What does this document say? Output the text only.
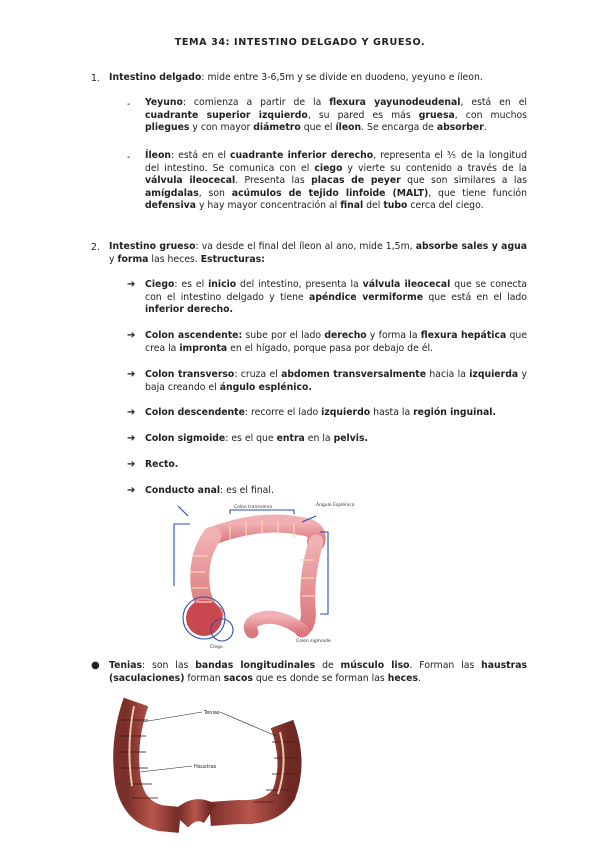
TEMA 34: INTESTINO DELGADO Y GRUESO.
1. Intestino delgado: mide entre 3-6,5m y se divide en duodeno, yeyuno e íleon.
- Yeyuno: comienza a partir de la flexura yayunodeudenal, está en el cuadrante superior izquierdo, su pared es más gruesa, con muchos pliegues y con mayor diámetro que el íleon. Se encarga de absorber.
- Íleon: está en el cuadrante inferior derecho, representa el ⅗ de la longitud del intestino. Se comunica con el ciego y vierte su contenido a través de la válvula ileocecal. Presenta las placas de peyer que son similares a las amígdalas, son acúmulos de tejido linfoide (MALT), que tiene función defensiva y hay mayor concentración al final del tubo cerca del ciego.
2. Intestino grueso: va desde el final del íleon al ano, mide 1,5m, absorbe sales y agua y forma las heces. Estructuras:
➔ Ciego: es el inicio del intestino, presenta la válvula ileocecal que se conecta con el intestino delgado y tiene apéndice vermiforme que está en el lado inferior derecho.
➔ Colon ascendente: sube por el lado derecho y forma la flexura hepática que crea la impronta en el hígado, porque pasa por debajo de él.
➔ Colon transverso: cruza el abdomen transversalmente hacia la izquierda y baja creando el ángulo esplénico.
➔ Colon descendente: recorre el lado izquierdo hasta la región inguinal.
➔ Colon sigmoide: es el que entra en la pelvis.
➔ Recto.
➔ Conducto anal: es el final.
Colon transverso	Ángulo Esplénico
Colon sigmoide
Ciego
● Tenias: son las bandas longitudinales de músculo liso. Forman las haustras (saculaciones) forman sacos que es donde se forman las heces.
Tenias
Haustras
